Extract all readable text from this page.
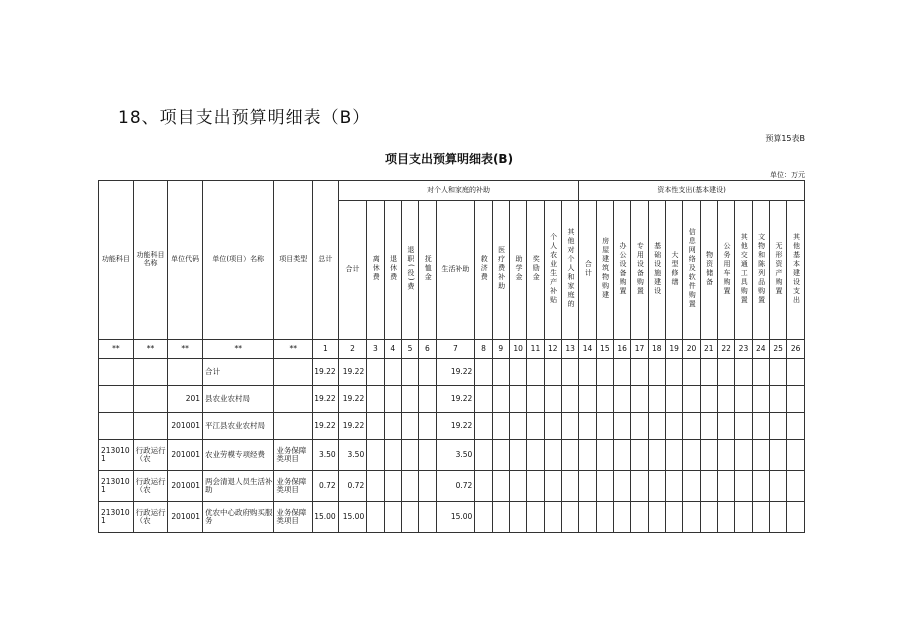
18、项目支出预算明细表（B）
预算15表B
项目支出预算明细表(B)
单位：万元
功能科目	功能科目名称	单位代码	单位(项目）名称	项目类型	总计	对个人和家庭的补助												资本性支出(基本建设)												
						合计	离休费	退休费	退职(役)费	抚恤金	生活补助	救济费	医疗费补助	助学金	奖励金	个人农业生产补贴	其他对个人和家庭的	合计	房屋建筑物购建	办公设备购置	专用设备购置	基础设施建设	大型修缮	信息网络及软件购置	物资储备	公务用车购置	其他交通工具购置	文物和陈列品购置	无形资产购置	其他基本建设支出
**	**	**	**	**	1	2	3	4	5	6	7	8	9	10	11	12	13	14	15	16	17	18	19	20	21	22	23	24	25	26
			合计		19.22	19.22					19.22																			
		201	县农业农村局		19.22	19.22					19.22																			
		201001	平江县农业农村局		19.22	19.22					19.22																			
2130101	行政运行（农	201001	农业劳模专项经费	业务保障类项目	3.50	3.50					3.50																			
2130101	行政运行（农	201001	两会清退人员生活补助	业务保障类项目	0.72	0.72					0.72																			
2130101	行政运行（农	201001	优农中心政府购买服务	业务保障类项目	15.00	15.00					15.00																			
